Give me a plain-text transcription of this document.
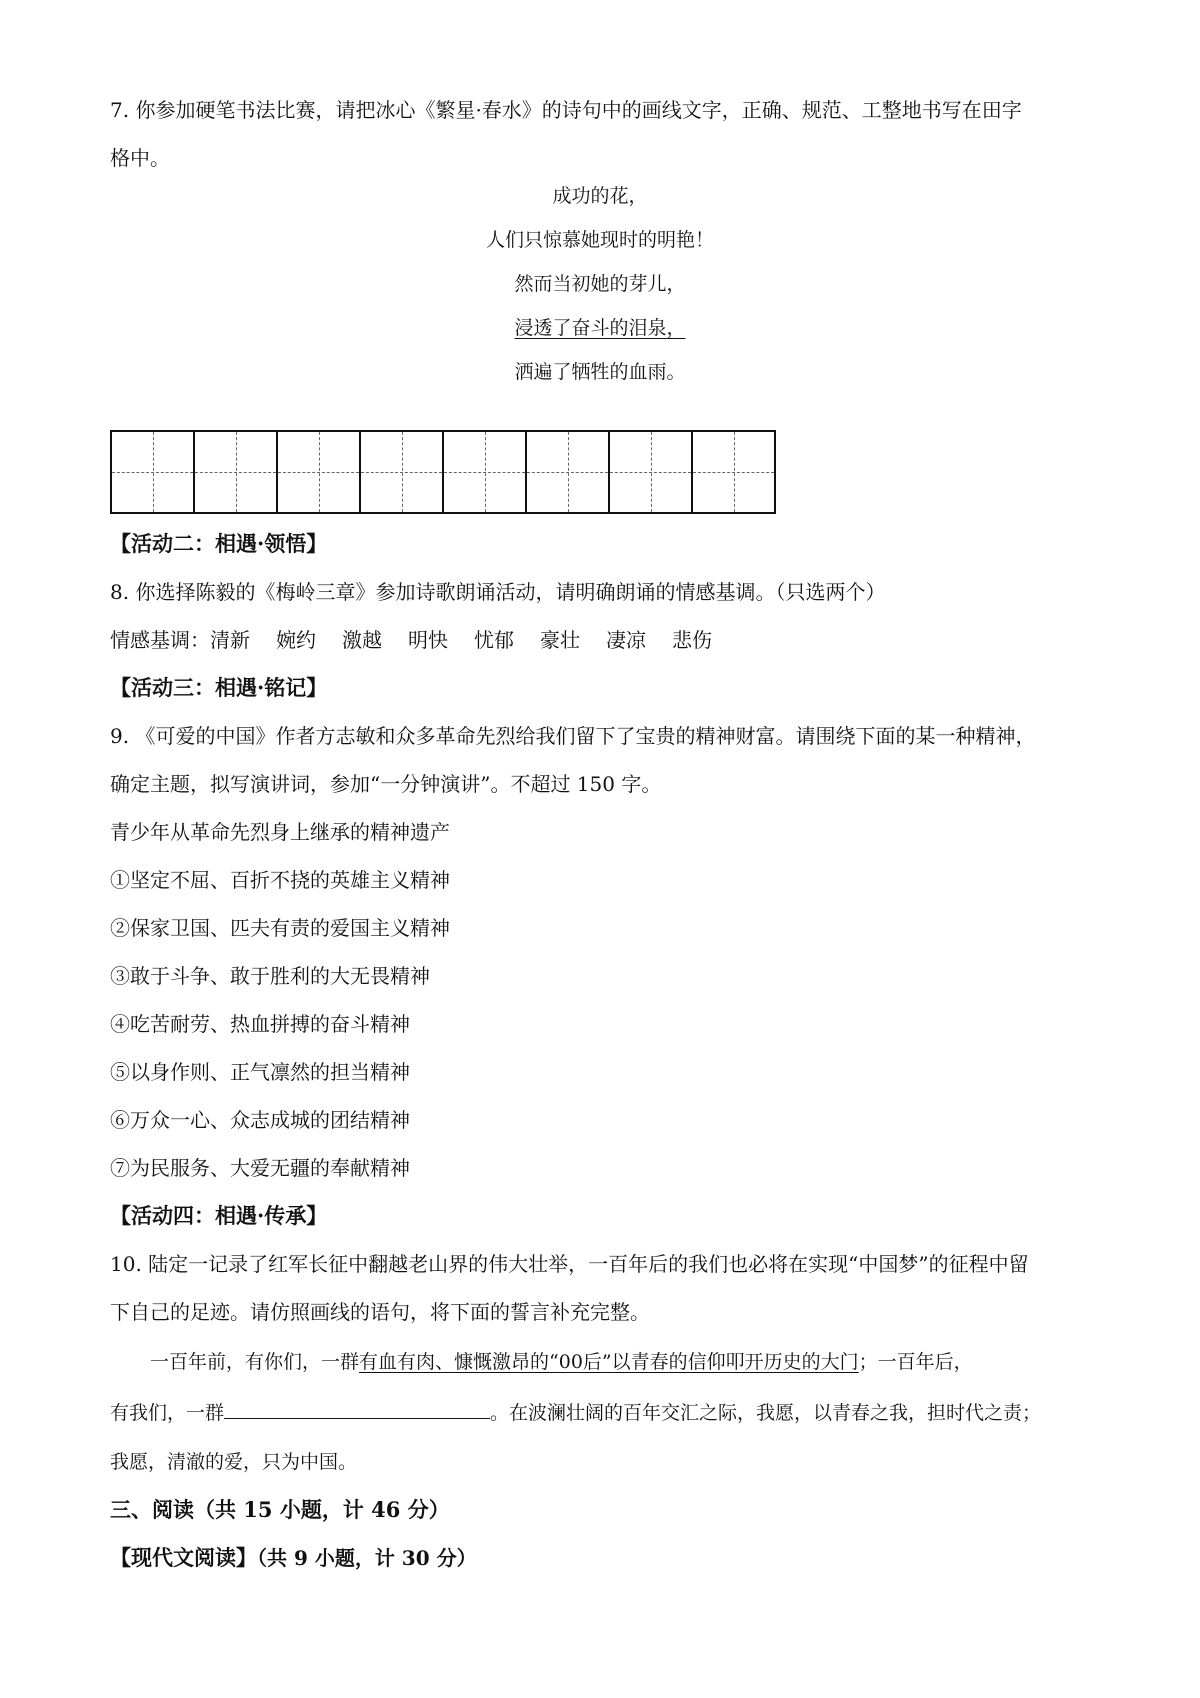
7. 你参加硬笔书法比赛，请把冰心《繁星·春水》的诗句中的画线文字，正确、规范、工整地书写在田字
格中。
成功的花，
人们只惊慕她现时的明艳！
然而当初她的芽儿，
浸透了奋斗的泪泉，
洒遍了牺牲的血雨。
【活动二：相遇·领悟】
8. 你选择陈毅的《梅岭三章》参加诗歌朗诵活动，请明确朗诵的情感基调。（只选两个）
情感基调：清新 婉约 激越 明快 忧郁 豪壮 凄凉 悲伤
【活动三：相遇·铭记】
9. 《可爱的中国》作者方志敏和众多革命先烈给我们留下了宝贵的精神财富。请围绕下面的某一种精神，
确定主题，拟写演讲词，参加“一分钟演讲”。不超过 150 字。
青少年从革命先烈身上继承的精神遗产
①坚定不屈、百折不挠的英雄主义精神
②保家卫国、匹夫有责的爱国主义精神
③敢于斗争、敢于胜利的大无畏精神
④吃苦耐劳、热血拼搏的奋斗精神
⑤以身作则、正气凛然的担当精神
⑥万众一心、众志成城的团结精神
⑦为民服务、大爱无疆的奉献精神
【活动四：相遇·传承】
10. 陆定一记录了红军长征中翻越老山界的伟大壮举，一百年后的我们也必将在实现“中国梦”的征程中留
下自己的足迹。请仿照画线的语句，将下面的誓言补充完整。
一百年前，有你们，一群有血有肉、慷慨激昂的“00后”以青春的信仰叩开历史的大门；一百年后，
有我们，一群	。在波澜壮阔的百年交汇之际，我愿，以青春之我，担时代之责；
我愿，清澈的爱，只为中国。
三、阅读（共 15 小题，计 46 分）
【现代文阅读】（共 9 小题，计 30 分）
